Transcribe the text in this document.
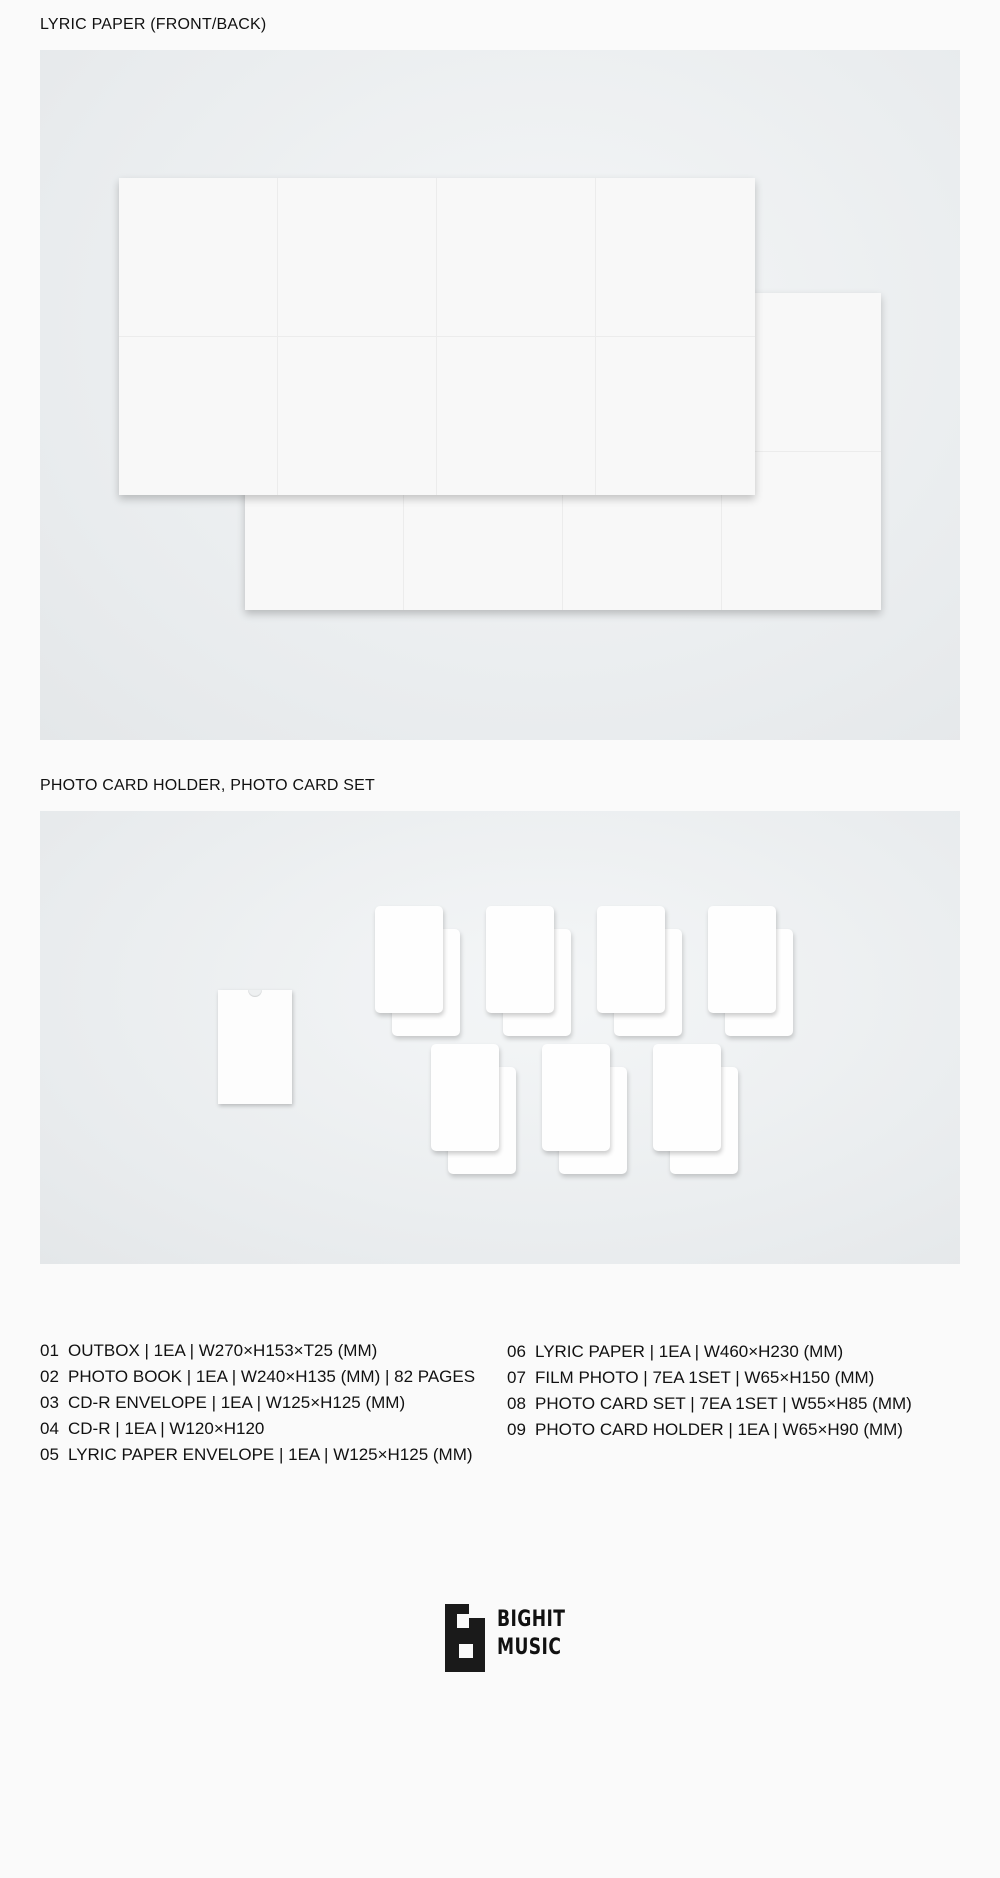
LYRIC PAPER (FRONT/BACK)
PHOTO CARD HOLDER, PHOTO CARD SET
01 OUTBOX | 1EA | W270×H153×T25 (MM)
02 PHOTO BOOK | 1EA | W240×H135 (MM) | 82 PAGES
03 CD-R ENVELOPE | 1EA | W125×H125 (MM)
04 CD-R | 1EA | W120×H120
05 LYRIC PAPER ENVELOPE | 1EA | W125×H125 (MM)
06 LYRIC PAPER | 1EA | W460×H230 (MM)
07 FILM PHOTO | 7EA 1SET | W65×H150 (MM)
08 PHOTO CARD SET | 7EA 1SET | W55×H85 (MM)
09 PHOTO CARD HOLDER | 1EA | W65×H90 (MM)
BIGHIT
MUSIC
